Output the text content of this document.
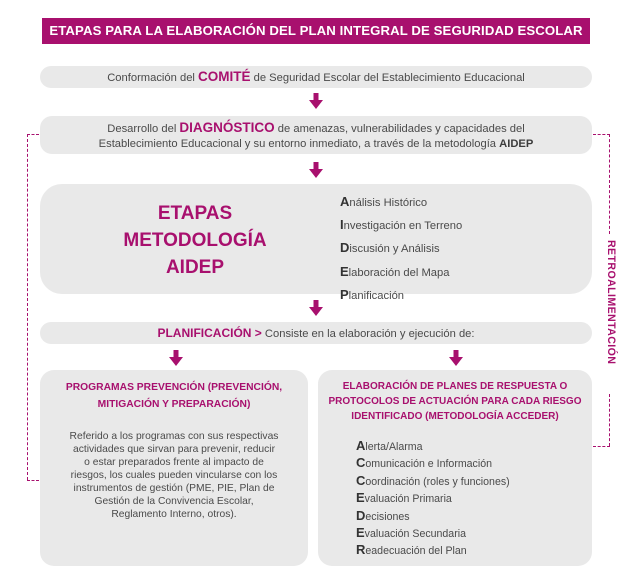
ETAPAS PARA LA ELABORACIÓN DEL PLAN INTEGRAL DE SEGURIDAD ESCOLAR
Conformación del COMITÉ de Seguridad Escolar del Establecimiento Educacional
Desarrollo del DIAGNÓSTICO de amenazas, vulnerabilidades y capacidades del
Establecimiento Educacional y su entorno inmediato, a través de la metodología AIDEP
ETAPAS
METODOLOGÍA
AIDEP
Análisis Histórico
Investigación en Terreno
Discusión y Análisis
Elaboración del Mapa
Planificación
PLANIFICACIÓN > Consiste en la elaboración y ejecución de:
PROGRAMAS PREVENCIÓN (PREVENCIÓN,
MITIGACIÓN Y PREPARACIÓN)
Referido a los programas con sus respectivas
actividades que sirvan para prevenir, reducir
o estar preparados frente al impacto de
riesgos, los cuales pueden vincularse con los
instrumentos de gestión (PME, PIE, Plan de
Gestión de la Convivencia Escolar,
Reglamento Interno, otros).
ELABORACIÓN DE PLANES DE RESPUESTA O
PROTOCOLOS DE ACTUACIÓN PARA CADA RIESGO
IDENTIFICADO (METODOLOGÍA ACCEDER)
Alerta/Alarma
Comunicación e Información
Coordinación (roles y funciones)
Evaluación Primaria
Decisiones
Evaluación Secundaria
Readecuación del Plan
RETROALIMENTACIÓN
